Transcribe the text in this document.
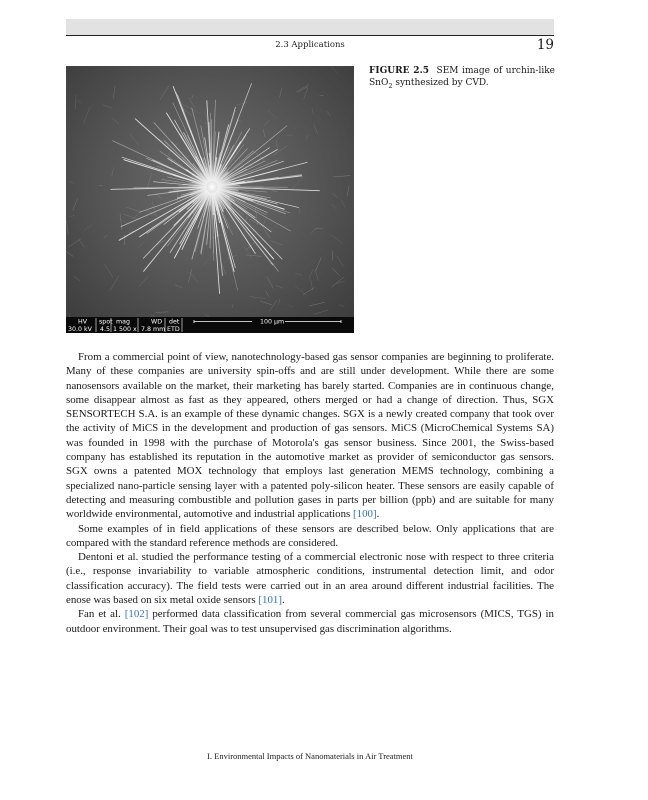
2.3 Applications	19
HV spot mag	WD det
30.0 kV 4.5 1 500 x 7.8 mm ETD
100 μm
FIGURE 2.5 SEM image of urchin-like SnO$_2$ synthesized by CVD.

From a commercial point of view, nanotechnology-based gas sensor companies are beginning to proliferate. Many of these companies are university spin-offs and are still under development. While there are some nanosensors available on the market, their marketing has barely started. Companies are in continuous change, some disappear almost as fast as they appeared, others merged or had a change of direction. Thus, SGX SENSORTECH S.A. is an example of these dynamic changes. SGX is a newly created company that took over the activity of MiCS in the development and production of gas sensors. MiCS (MicroChemical Systems SA) was founded in 1998 with the purchase of Motorola's gas sensor business. Since 2001, the Swiss-based company has established its reputation in the automotive market as provider of semiconductor gas sensors. SGX owns a patented MOX technology that employs last generation MEMS technology, combining a specialized nano-particle sensing layer with a patented poly-silicon heater. These sensors are easily capable of detecting and measuring combustible and pollution gases in parts per billion (ppb) and are suitable for many worldwide environmental, automotive and industrial applications [100].

Some examples of in field applications of these sensors are described below. Only applications that are compared with the standard reference methods are considered.

Dentoni et al. studied the performance testing of a commercial electronic nose with respect to three criteria (i.e., response invariability to variable atmospheric conditions, instrumental detection limit, and odor classification accuracy). The field tests were carried out in an area around different industrial facilities. The enose was based on six metal oxide sensors [101].

Fan et al. [102] performed data classification from several commercial gas microsensors (MICS, TGS) in outdoor environment. Their goal was to test unsupervised gas discrimination algorithms.

I. Environmental Impacts of Nanomaterials in Air Treatment
